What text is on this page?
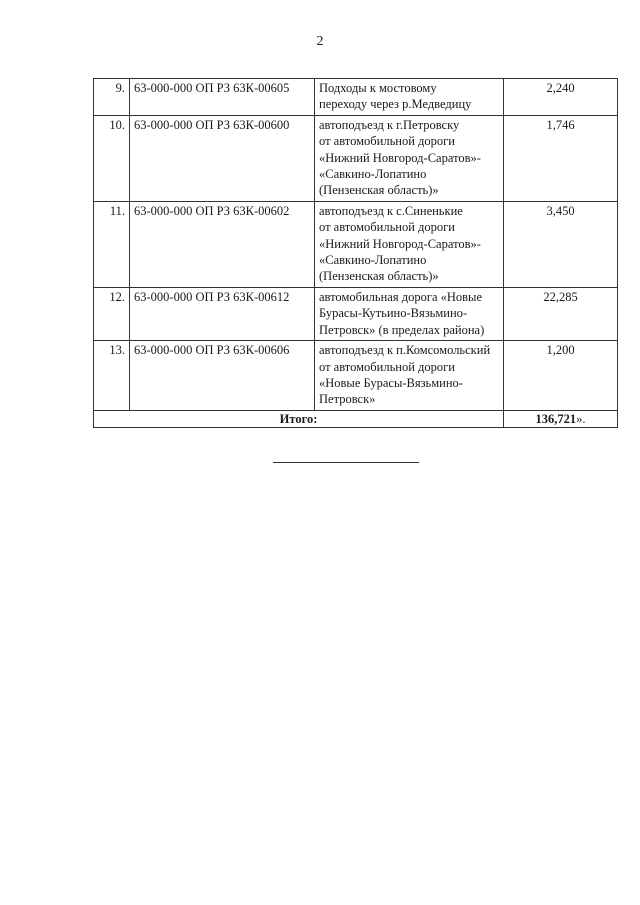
2
9.	63-000-000 ОП РЗ 63К-00605	Подходы к мостовому
переходу через р.Медведицу	2,240
10.	63-000-000 ОП РЗ 63К-00600	автоподъезд к г.Петровску
от автомобильной дороги
«Нижний Новгород-Саратов»-
«Савкино-Лопатино
(Пензенская область)»	1,746
11.	63-000-000 ОП РЗ 63К-00602	автоподъезд к с.Синенькие
от автомобильной дороги
«Нижний Новгород-Саратов»-
«Савкино-Лопатино
(Пензенская область)»	3,450
12.	63-000-000 ОП РЗ 63К-00612	автомобильная дорога «Новые
Бурасы-Кутьино-Вязьмино-
Петровск» (в пределах района)	22,285
13.	63-000-000 ОП РЗ 63К-00606	автоподъезд к п.Комсомольский
от автомобильной дороги
«Новые Бурасы-Вязьмино-
Петровск»	1,200
Итого:			136,721».
